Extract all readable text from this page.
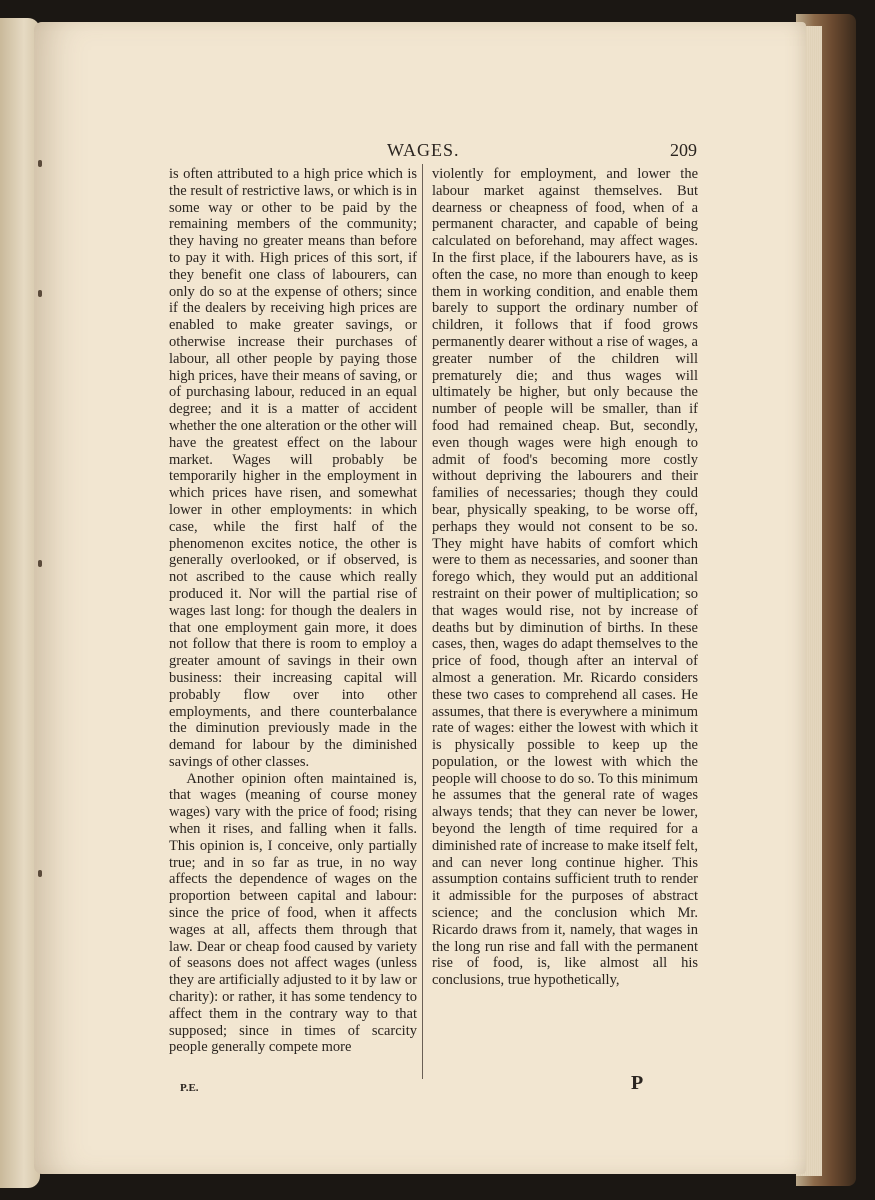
WAGES.	209

is often attributed to a high price which is the result of restrictive laws, or which is in some way or other to be paid by the remaining members of the community; they having no greater means than before to pay it with. High prices of this sort, if they benefit one class of labourers, can only do so at the expense of others; since if the dealers by receiving high prices are enabled to make greater savings, or otherwise increase their purchases of labour, all other people by paying those high prices, have their means of saving, or of purchasing labour, reduced in an equal degree; and it is a matter of accident whether the one alteration or the other will have the greatest effect on the labour market. Wages will probably be temporarily higher in the employment in which prices have risen, and somewhat lower in other employments: in which case, while the first half of the phenomenon excites notice, the other is generally overlooked, or if observed, is not ascribed to the cause which really produced it. Nor will the partial rise of wages last long: for though the dealers in that one employment gain more, it does not follow that there is room to employ a greater amount of savings in their own business: their increasing capital will probably flow over into other employments, and there counterbalance the diminution previously made in the demand for labour by the diminished savings of other classes.

Another opinion often maintained is, that wages (meaning of course money wages) vary with the price of food; rising when it rises, and falling when it falls. This opinion is, I conceive, only partially true; and in so far as true, in no way affects the dependence of wages on the proportion between capital and labour: since the price of food, when it affects wages at all, affects them through that law. Dear or cheap food caused by variety of seasons does not affect wages (unless they are artificially adjusted to it by law or charity): or rather, it has some tendency to affect them in the contrary way to that supposed; since in times of scarcity people generally compete more

violently for employment, and lower the labour market against themselves. But dearness or cheapness of food, when of a permanent character, and capable of being calculated on beforehand, may affect wages. In the first place, if the labourers have, as is often the case, no more than enough to keep them in working condition, and enable them barely to support the ordinary number of children, it follows that if food grows permanently dearer without a rise of wages, a greater number of the children will prematurely die; and thus wages will ultimately be higher, but only because the number of people will be smaller, than if food had remained cheap. But, secondly, even though wages were high enough to admit of food's becoming more costly without depriving the labourers and their families of necessaries; though they could bear, physically speaking, to be worse off, perhaps they would not consent to be so. They might have habits of comfort which were to them as necessaries, and sooner than forego which, they would put an additional restraint on their power of multiplication; so that wages would rise, not by increase of deaths but by diminution of births. In these cases, then, wages do adapt themselves to the price of food, though after an interval of almost a generation. Mr. Ricardo considers these two cases to comprehend all cases. He assumes, that there is everywhere a minimum rate of wages: either the lowest with which it is physically possible to keep up the population, or the lowest with which the people will choose to do so. To this minimum he assumes that the general rate of wages always tends; that they can never be lower, beyond the length of time required for a diminished rate of increase to make itself felt, and can never long continue higher. This assumption contains sufficient truth to render it admissible for the purposes of abstract science; and the conclusion which Mr. Ricardo draws from it, namely, that wages in the long run rise and fall with the permanent rise of food, is, like almost all his conclusions, true hypothetically,

P.E.	P
